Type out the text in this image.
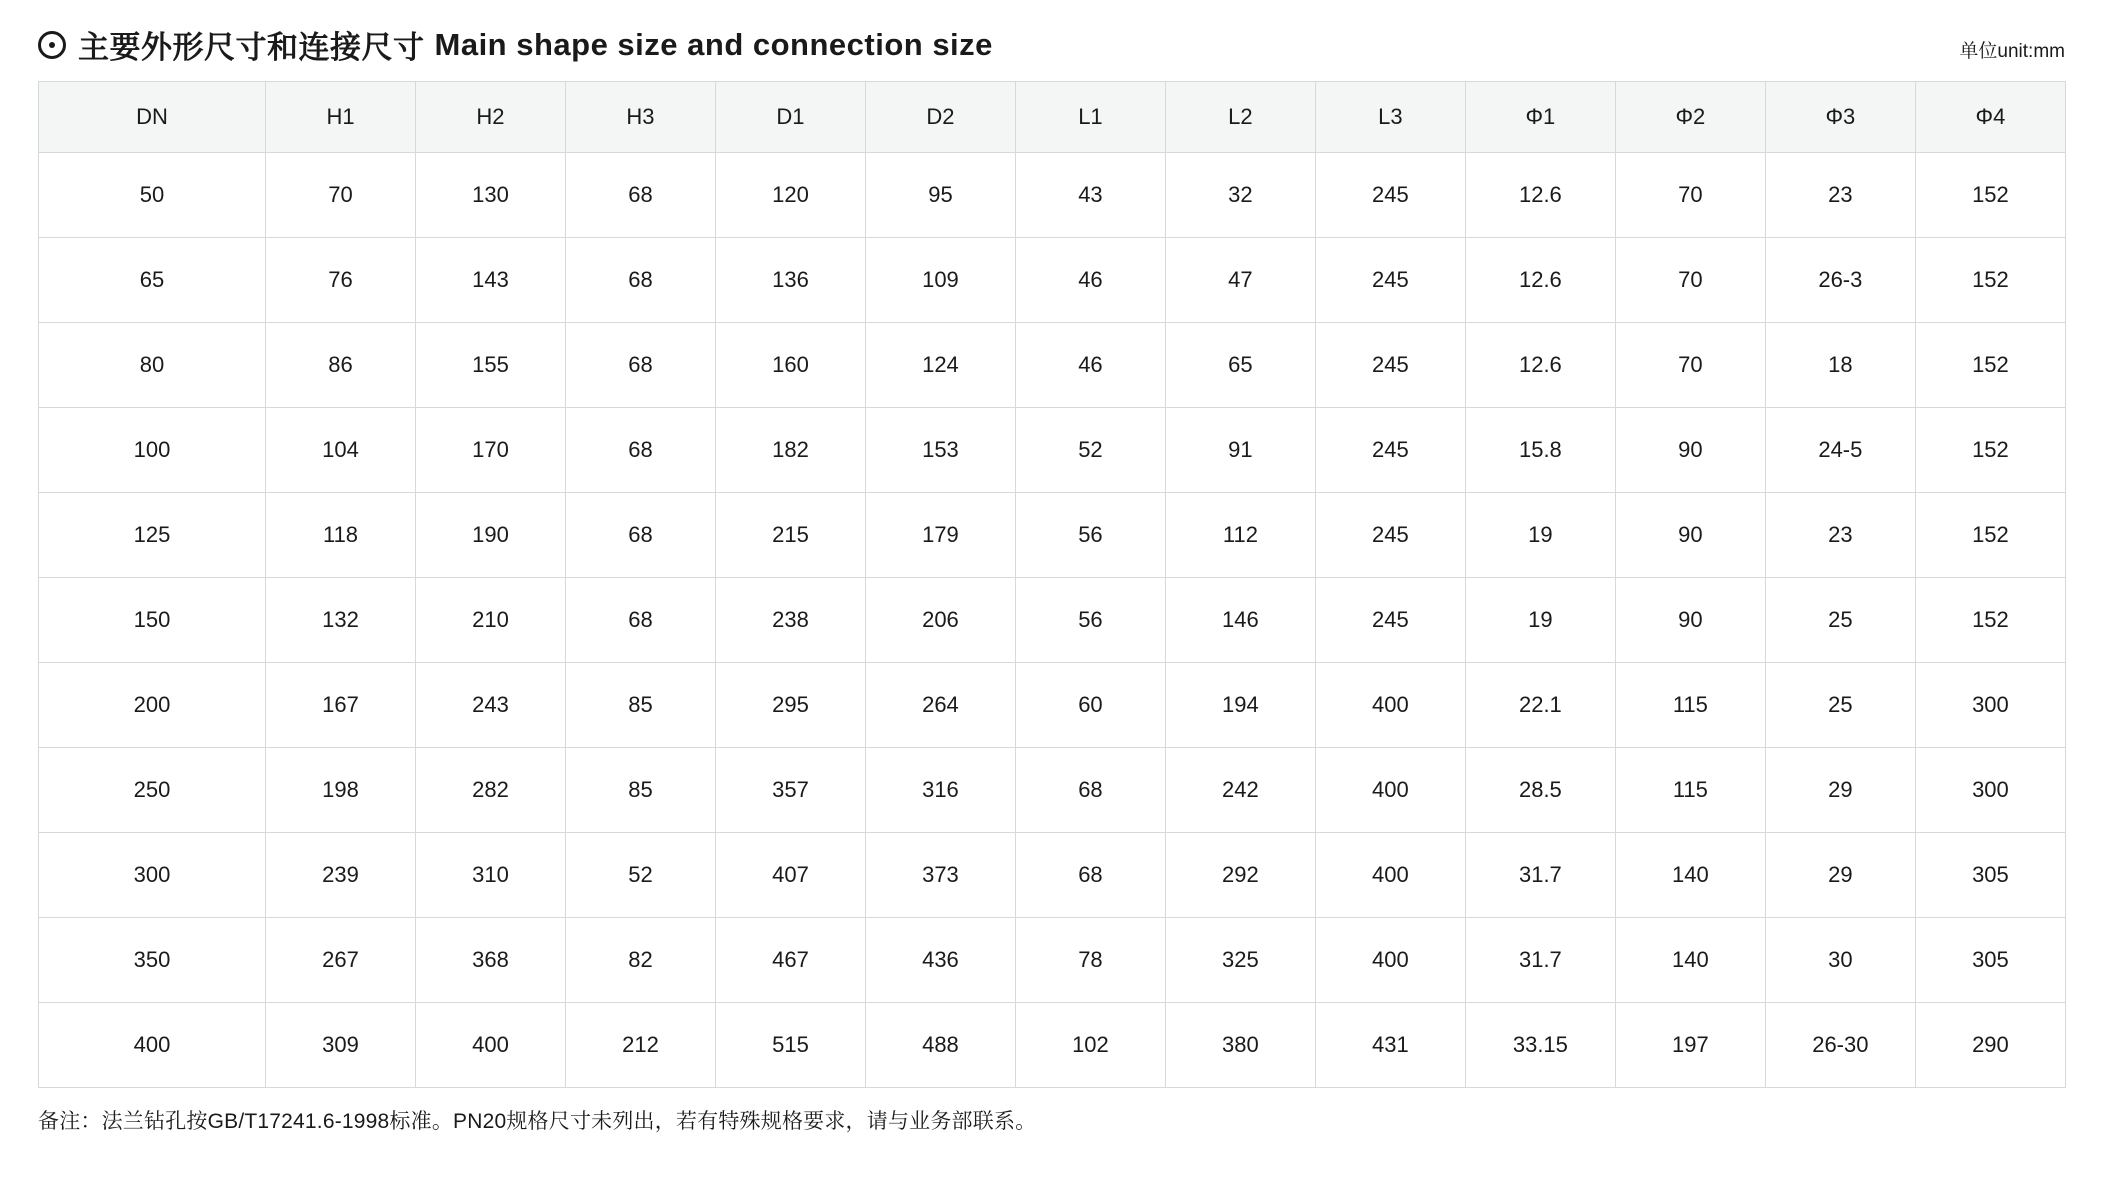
主要外形尺寸和连接尺寸 Main shape size and connection size	单位unit:mm
DN	H1	H2	H3	D1	D2	L1	L2	L3	Φ1	Φ2	Φ3	Φ4
50	70	130	68	120	95	43	32	245	12.6	70	23	152
65	76	143	68	136	109	46	47	245	12.6	70	26-3	152
80	86	155	68	160	124	46	65	245	12.6	70	18	152
100	104	170	68	182	153	52	91	245	15.8	90	24-5	152
125	118	190	68	215	179	56	112	245	19	90	23	152
150	132	210	68	238	206	56	146	245	19	90	25	152
200	167	243	85	295	264	60	194	400	22.1	115	25	300
250	198	282	85	357	316	68	242	400	28.5	115	29	300
300	239	310	52	407	373	68	292	400	31.7	140	29	305
350	267	368	82	467	436	78	325	400	31.7	140	30	305
400	309	400	212	515	488	102	380	431	33.15	197	26-30	290
备注：法兰钻孔按GB/T17241.6-1998标准。PN20规格尺寸未列出，若有特殊规格要求，请与业务部联系。
